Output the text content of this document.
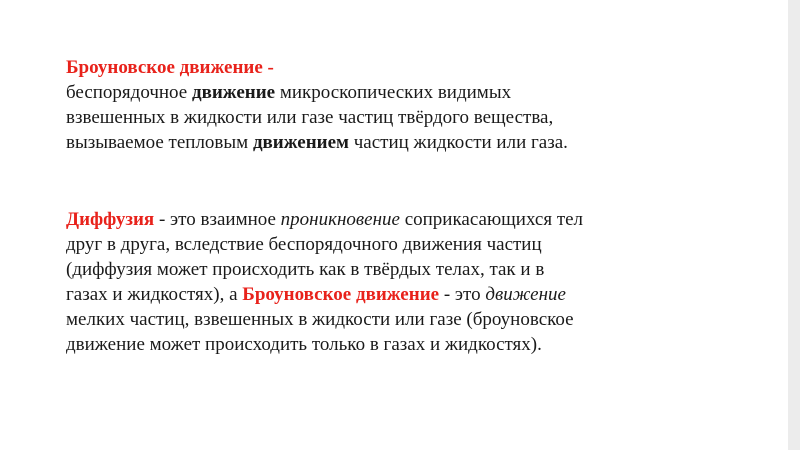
Броуновское движение -
беспорядочное движение микроскопических видимых
взвешенных в жидкости или газе частиц твёрдого вещества,
вызываемое тепловым движением частиц жидкости или газа.
Диффузия - это взаимное проникновение соприкасающихся тел
друг в друга, вследствие беспорядочного движения частиц
(диффузия может происходить как в твёрдых телах, так и в
газах и жидкостях), а Броуновское движение - это движение
мелких частиц, взвешенных в жидкости или газе (броуновское
движение может происходить только в газах и жидкостях).
